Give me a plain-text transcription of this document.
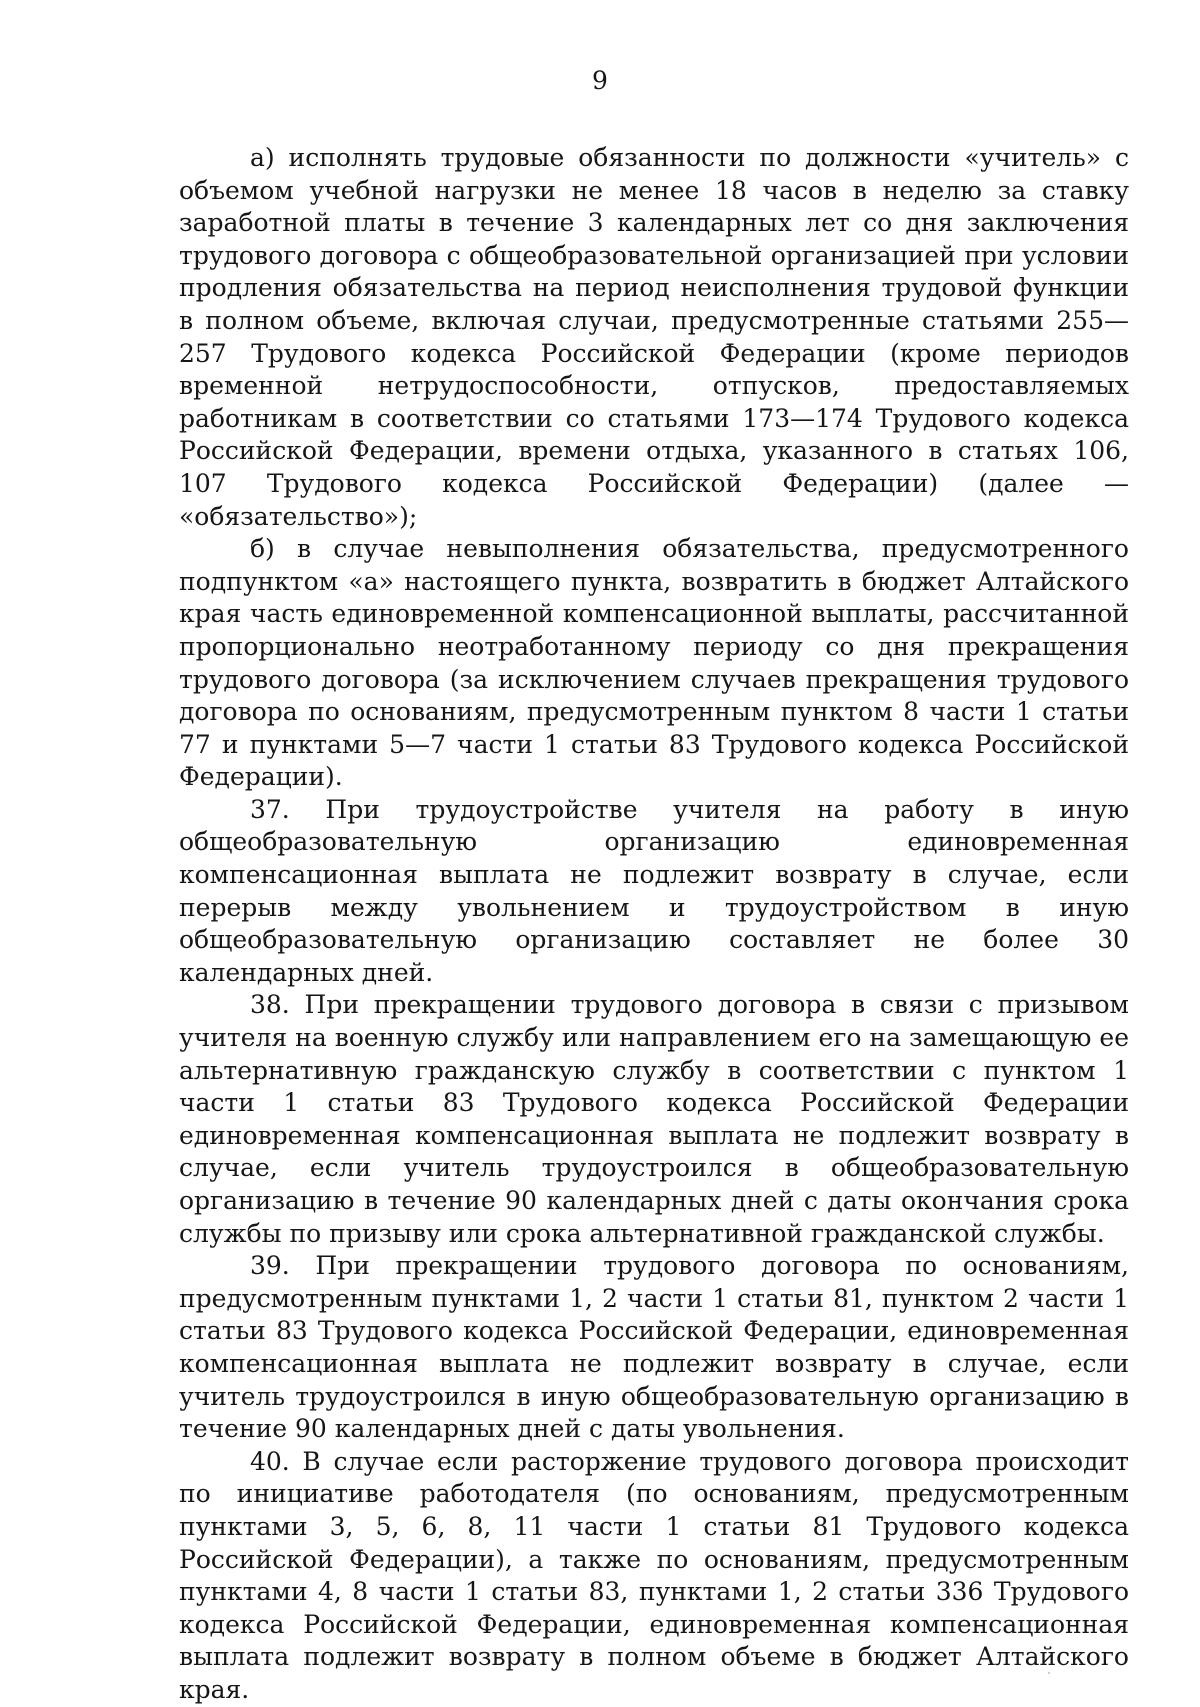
9

а) исполнять трудовые обязанности по должности «учитель» с объемом учебной нагрузки не менее 18 часов в неделю за ставку заработной платы в течение 3 календарных лет со дня заключения трудового договора с общеобразовательной организацией при условии продления обязательства на период неисполнения трудовой функции в полном объеме, включая случаи, предусмотренные статьями 255—257 Трудового кодекса Российской Федерации (кроме периодов временной нетрудоспособности, отпусков, предоставляемых работникам в соответствии со статьями 173—174 Трудового кодекса Российской Федерации, времени отдыха, указанного в статьях 106, 107 Трудового кодекса Российской Федерации) (далее — «обязательство»);

б) в случае невыполнения обязательства, предусмотренного подпунктом «а» настоящего пункта, возвратить в бюджет Алтайского края часть единовременной компенсационной выплаты, рассчитанной пропорционально неотработанному периоду со дня прекращения трудового договора (за исключением случаев прекращения трудового договора по основаниям, предусмотренным пунктом 8 части 1 статьи 77 и пунктами 5—7 части 1 статьи 83 Трудового кодекса Российской Федерации).

37. При трудоустройстве учителя на работу в иную общеобразовательную организацию единовременная компенсационная выплата не подлежит возврату в случае, если перерыв между увольнением и трудоустройством в иную общеобразовательную организацию составляет не более 30 календарных дней.

38. При прекращении трудового договора в связи с призывом учителя на военную службу или направлением его на замещающую ее альтернативную гражданскую службу в соответствии с пунктом 1 части 1 статьи 83 Трудового кодекса Российской Федерации единовременная компенсационная выплата не подлежит возврату в случае, если учитель трудоустроился в общеобразовательную организацию в течение 90 календарных дней с даты окончания срока службы по призыву или срока альтернативной гражданской службы.

39. При прекращении трудового договора по основаниям, предусмотренным пунктами 1, 2 части 1 статьи 81, пунктом 2 части 1 статьи 83 Трудового кодекса Российской Федерации, единовременная компенсационная выплата не подлежит возврату в случае, если учитель трудоустроился в иную общеобразовательную организацию в течение 90 календарных дней с даты увольнения.

40. В случае если расторжение трудового договора происходит по инициативе работодателя (по основаниям, предусмотренным пунктами 3, 5, 6, 8, 11 части 1 статьи 81 Трудового кодекса Российской Федерации), а также по основаниям, предусмотренным пунктами 4, 8 части 1 статьи 83, пунктами 1, 2 статьи 336 Трудового кодекса Российской Федерации, единовременная компенсационная выплата подлежит возврату в полном объеме в бюджет Алтайского края.
